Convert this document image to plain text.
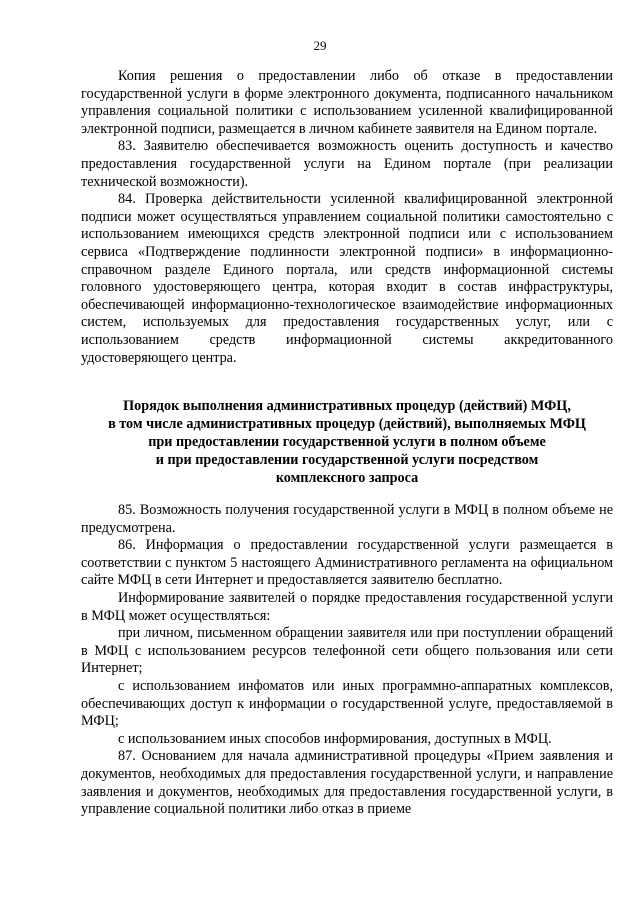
29

Копия решения о предоставлении либо об отказе в предоставлении государственной услуги в форме электронного документа, подписанного начальником управления социальной политики с использованием усиленной квалифицированной электронной подписи, размещается в личном кабинете заявителя на Едином портале.

83. Заявителю обеспечивается возможность оценить доступность и качество предоставления государственной услуги на Едином портале (при реализации технической возможности).

84. Проверка действительности усиленной квалифицированной электронной подписи может осуществляться управлением социальной политики самостоятельно с использованием имеющихся средств электронной подписи или с использованием сервиса «Подтверждение подлинности электронной подписи» в информационно-справочном разделе Единого портала, или средств информационной системы головного удостоверяющего центра, которая входит в состав инфраструктуры, обеспечивающей информационно-технологическое взаимодействие информационных систем, используемых для предоставления государственных услуг, или с использованием средств информационной системы аккредитованного удостоверяющего центра.

Порядок выполнения административных процедур (действий) МФЦ,
в том числе административных процедур (действий), выполняемых МФЦ
при предоставлении государственной услуги в полном объеме
и при предоставлении государственной услуги посредством
комплексного запроса

85. Возможность получения государственной услуги в МФЦ в полном объеме не предусмотрена.

86. Информация о предоставлении государственной услуги размещается в соответствии с пунктом 5 настоящего Административного регламента на официальном сайте МФЦ в сети Интернет и предоставляется заявителю бесплатно.

Информирование заявителей о порядке предоставления государственной услуги в МФЦ может осуществляться:

при личном, письменном обращении заявителя или при поступлении обращений в МФЦ с использованием ресурсов телефонной сети общего пользования или сети Интернет;

с использованием инфоматов или иных программно-аппаратных комплексов, обеспечивающих доступ к информации о государственной услуге, предоставляемой в МФЦ;

с использованием иных способов информирования, доступных в МФЦ.

87. Основанием для начала административной процедуры «Прием заявления и документов, необходимых для предоставления государственной услуги, и направление заявления и документов, необходимых для предоставления государственной услуги, в управление социальной политики либо отказ в приеме
